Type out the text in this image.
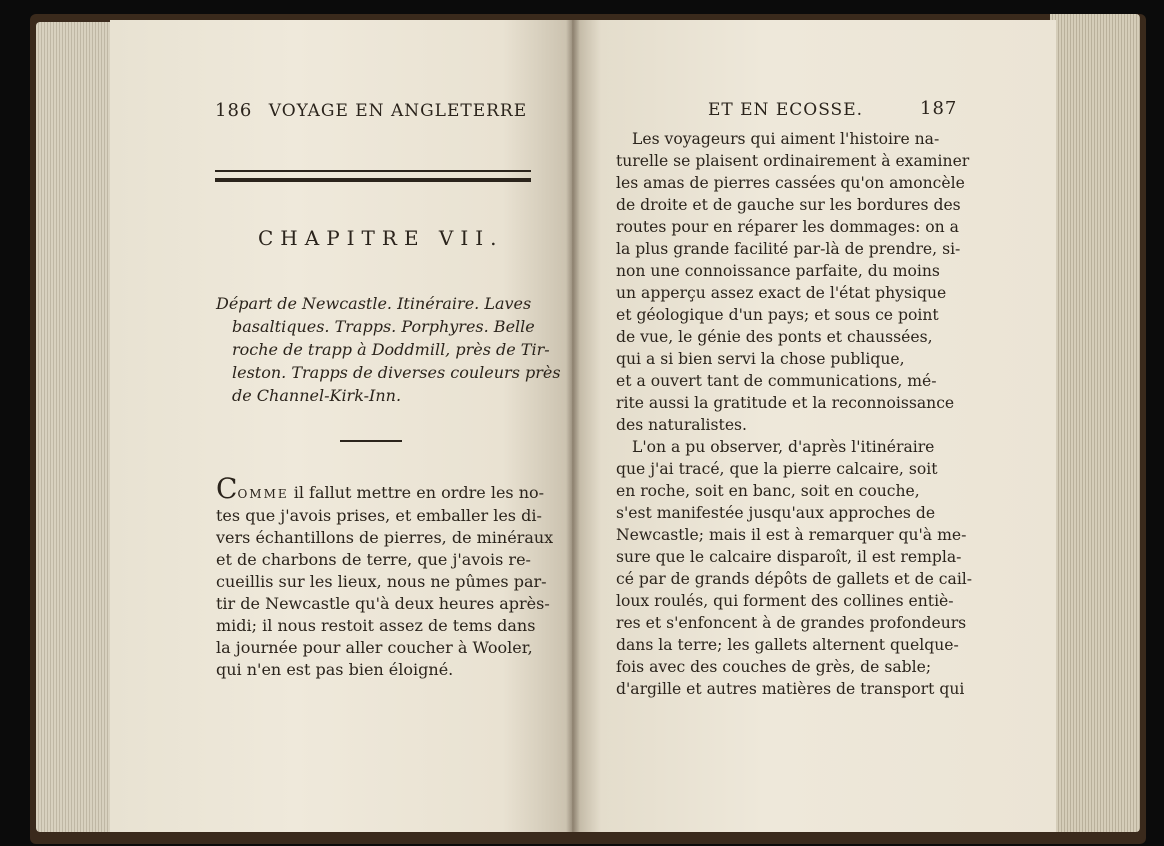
186 VOYAGE EN ANGLETERRE
CHAPITRE VII.
Départ de Newcastle. Itinéraire. Laves
basaltiques. Trapps. Porphyres. Belle
roche de trapp à Doddmill, près de Tir-
leston. Trapps de diverses couleurs près
de Channel-Kirk-Inn.
COMME il fallut mettre en ordre les no-
tes que j'avois prises, et emballer les di-
vers échantillons de pierres, de minéraux
et de charbons de terre, que j'avois re-
cueillis sur les lieux, nous ne pûmes par-
tir de Newcastle qu'à deux heures après-
midi; il nous restoit assez de tems dans
la journée pour aller coucher à Wooler,
qui n'en est pas bien éloigné.
ET EN ECOSSE.	187
Les voyageurs qui aiment l'histoire na-
turelle se plaisent ordinairement à examiner
les amas de pierres cassées qu'on amoncèle
de droite et de gauche sur les bordures des
routes pour en réparer les dommages: on a
la plus grande facilité par-là de prendre, si-
non une connoissance parfaite, du moins
un apperçu assez exact de l'état physique
et géologique d'un pays; et sous ce point
de vue, le génie des ponts et chaussées,
qui a si bien servi la chose publique,
et a ouvert tant de communications, mé-
rite aussi la gratitude et la reconnoissance
des naturalistes.
L'on a pu observer, d'après l'itinéraire
que j'ai tracé, que la pierre calcaire, soit
en roche, soit en banc, soit en couche,
s'est manifestée jusqu'aux approches de
Newcastle; mais il est à remarquer qu'à me-
sure que le calcaire disparoît, il est rempla-
cé par de grands dépôts de gallets et de cail-
loux roulés, qui forment des collines entiè-
res et s'enfoncent à de grandes profondeurs
dans la terre; les gallets alternent quelque-
fois avec des couches de grès, de sable;
d'argille et autres matières de transport qui
